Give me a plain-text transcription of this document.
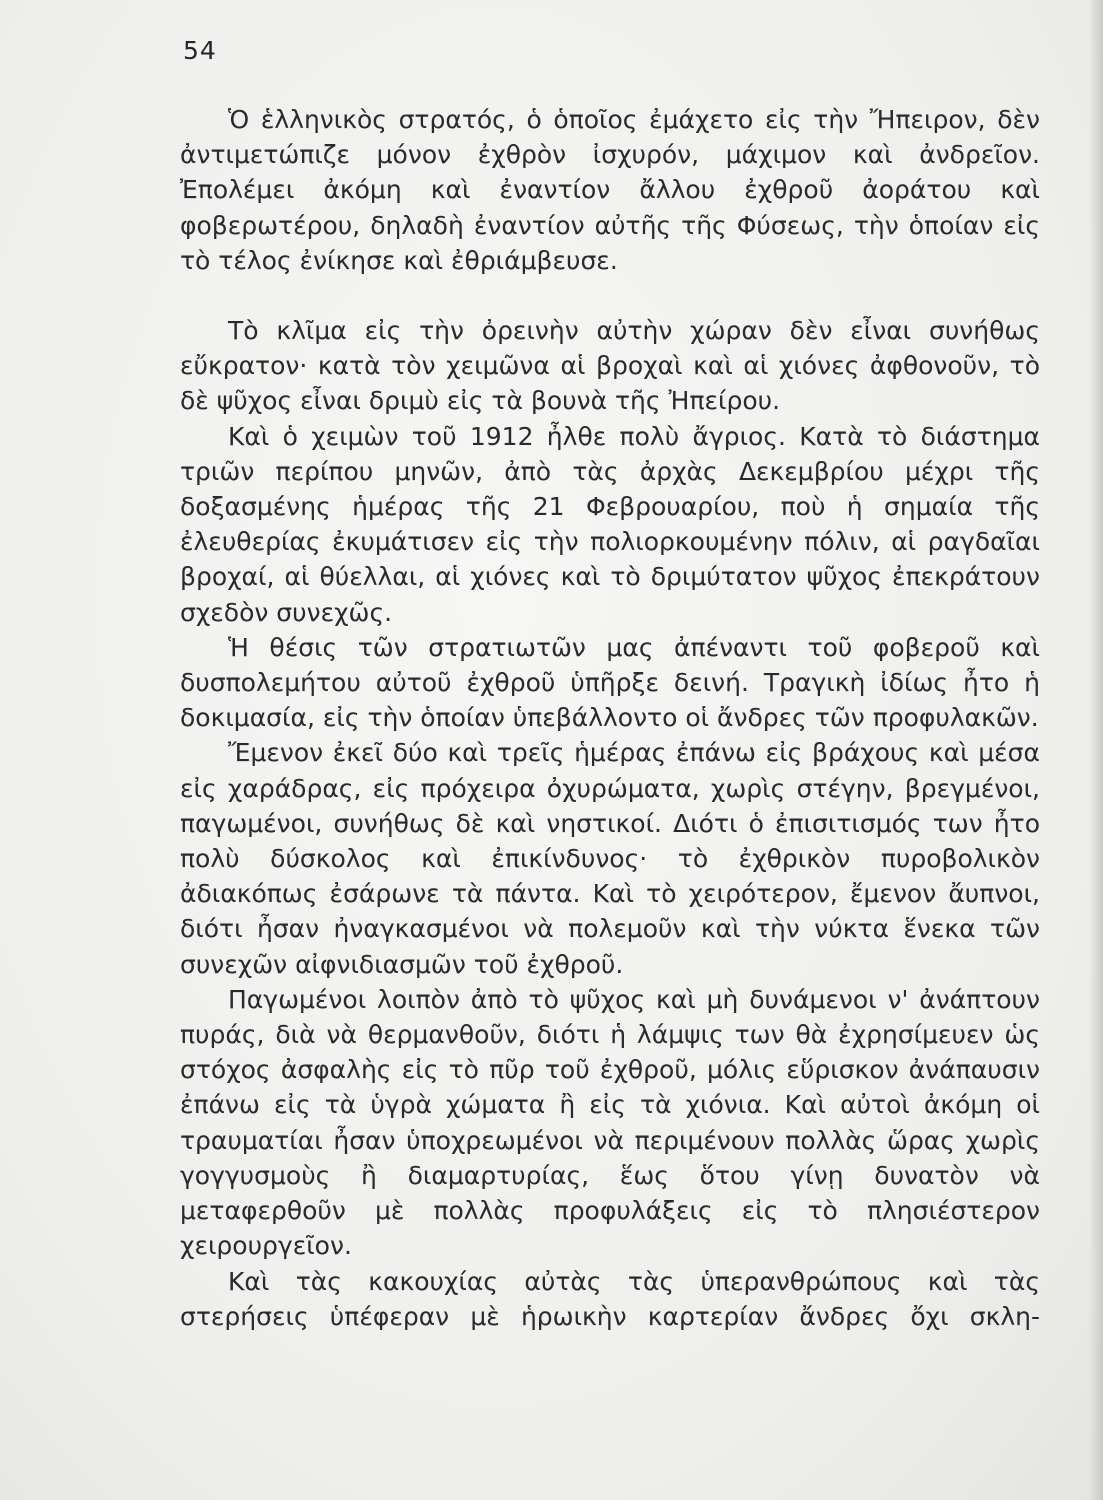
54

Ὁ ἑλληνικὸς στρατός, ὁ ὁποῖος ἐμάχετο εἰς τὴν Ἤπειρον, δὲν ἀντιμετώπιζε μόνον ἐχθρὸν ἰσχυρόν, μάχιμον καὶ ἀνδρεῖον. Ἐπολέμει ἀκόμη καὶ ἐναντίον ἄλλου ἐχθροῦ ἀοράτου καὶ φοβερωτέρου, δηλαδὴ ἐναντίον αὐτῆς τῆς Φύσεως, τὴν ὁποίαν εἰς τὸ τέλος ἐνίκησε καὶ ἐθριάμβευσε.

Τὸ κλῖμα εἰς τὴν ὀρεινὴν αὐτὴν χώραν δὲν εἶναι συνήθως εὔκρατον· κατὰ τὸν χειμῶνα αἱ βροχαὶ καὶ αἱ χιόνες ἀφθονοῦν, τὸ δὲ ψῦχος εἶναι δριμὺ εἰς τὰ βουνὰ τῆς Ἠπείρου.

Καὶ ὁ χειμὼν τοῦ 1912 ἦλθε πολὺ ἄγριος. Κατὰ τὸ διάστημα τριῶν περίπου μηνῶν, ἀπὸ τὰς ἀρχὰς Δεκεμβρίου μέχρι τῆς δοξασμένης ἡμέρας τῆς 21 Φεβρουαρίου, ποὺ ἡ σημαία τῆς ἐλευθερίας ἐκυμάτισεν εἰς τὴν πολιορκουμένην πόλιν, αἱ ραγδαῖαι βροχαί, αἱ θύελλαι, αἱ χιόνες καὶ τὸ δριμύτατον ψῦχος ἐπεκράτουν σχεδὸν συνεχῶς.

Ἡ θέσις τῶν στρατιωτῶν μας ἀπέναντι τοῦ φοβεροῦ καὶ δυσπολεμήτου αὐτοῦ ἐχθροῦ ὑπῆρξε δεινή. Τραγικὴ ἰδίως ἦτο ἡ δοκιμασία, εἰς τὴν ὁποίαν ὑπεβάλλοντο οἱ ἄνδρες τῶν προφυλακῶν.

Ἔμενον ἐκεῖ δύο καὶ τρεῖς ἡμέρας ἐπάνω εἰς βράχους καὶ μέσα εἰς χαράδρας, εἰς πρόχειρα ὀχυρώματα, χωρὶς στέγην, βρεγμένοι, παγωμένοι, συνήθως δὲ καὶ νηστικοί. Διότι ὁ ἐπισιτισμός των ἦτο πολὺ δύσκολος καὶ ἐπικίνδυνος· τὸ ἐχθρικὸν πυροβολικὸν ἀδιακόπως ἐσάρωνε τὰ πάντα. Καὶ τὸ χειρότερον, ἔμενον ἄυπνοι, διότι ἦσαν ἠναγκασμένοι νὰ πολεμοῦν καὶ τὴν νύκτα ἕνεκα τῶν συνεχῶν αἰφνιδιασμῶν τοῦ ἐχθροῦ.

Παγωμένοι λοιπὸν ἀπὸ τὸ ψῦχος καὶ μὴ δυνάμενοι ν' ἀνάπτουν πυράς, διὰ νὰ θερμανθοῦν, διότι ἡ λάμψις των θὰ ἐχρησίμευεν ὡς στόχος ἀσφαλὴς εἰς τὸ πῦρ τοῦ ἐχθροῦ, μόλις εὕρισκον ἀνάπαυσιν ἐπάνω εἰς τὰ ὑγρὰ χώματα ἢ εἰς τὰ χιόνια. Καὶ αὐτοὶ ἀκόμη οἱ τραυματίαι ἦσαν ὑποχρεωμένοι νὰ περιμένουν πολλὰς ὥρας χωρὶς γογγυσμοὺς ἢ διαμαρτυρίας, ἕως ὅτου γίνῃ δυνατὸν νὰ μεταφερθοῦν μὲ πολλὰς προφυλάξεις εἰς τὸ πλησιέστερον χειρουργεῖον.

Καὶ τὰς κακουχίας αὐτὰς τὰς ὑπερανθρώπους καὶ τὰς στερήσεις ὑπέφεραν μὲ ἡρωικὴν καρτερίαν ἄνδρες ὄχι σκλη-
